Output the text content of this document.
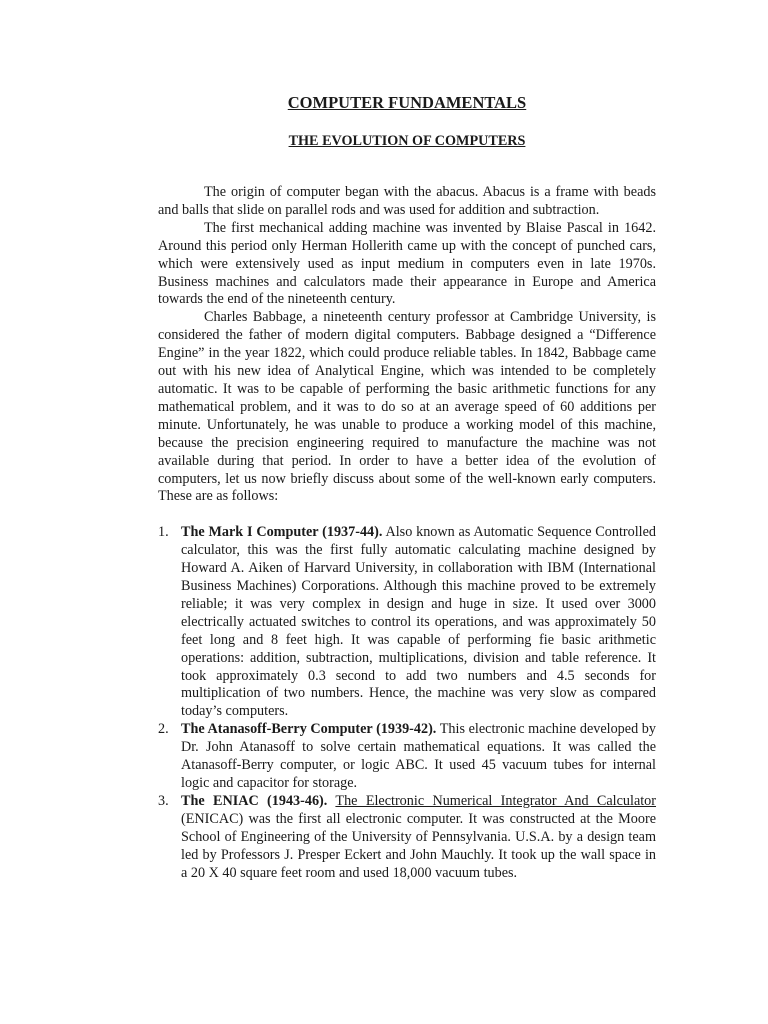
COMPUTER FUNDAMENTALS
THE EVOLUTION OF COMPUTERS

The origin of computer began with the abacus. Abacus is a frame with beads and balls that slide on parallel rods and was used for addition and subtraction.

The first mechanical adding machine was invented by Blaise Pascal in 1642. Around this period only Herman Hollerith came up with the concept of punched cars, which were extensively used as input medium in computers even in late 1970s. Business machines and calculators made their appearance in Europe and America towards the end of the nineteenth century.

Charles Babbage, a nineteenth century professor at Cambridge University, is considered the father of modern digital computers. Babbage designed a “Difference Engine” in the year 1822, which could produce reliable tables. In 1842, Babbage came out with his new idea of Analytical Engine, which was intended to be completely automatic. It was to be capable of performing the basic arithmetic functions for any mathematical problem, and it was to do so at an average speed of 60 additions per minute. Unfortunately, he was unable to produce a working model of this machine, because the precision engineering required to manufacture the machine was not available during that period. In order to have a better idea of the evolution of computers, let us now briefly discuss about some of the well-known early computers. These are as follows:

1. The Mark I Computer (1937-44). Also known as Automatic Sequence Controlled calculator, this was the first fully automatic calculating machine designed by Howard A. Aiken of Harvard University, in collaboration with IBM (International Business Machines) Corporations. Although this machine proved to be extremely reliable; it was very complex in design and huge in size. It used over 3000 electrically actuated switches to control its operations, and was approximately 50 feet long and 8 feet high. It was capable of performing fie basic arithmetic operations: addition, subtraction, multiplications, division and table reference. It took approximately 0.3 second to add two numbers and 4.5 seconds for multiplication of two numbers. Hence, the machine was very slow as compared today’s computers.
2. The Atanasoff-Berry Computer (1939-42). This electronic machine developed by Dr. John Atanasoff to solve certain mathematical equations. It was called the Atanasoff-Berry computer, or logic ABC. It used 45 vacuum tubes for internal logic and capacitor for storage.
3. The ENIAC (1943-46). The Electronic Numerical Integrator And Calculator (ENICAC) was the first all electronic computer. It was constructed at the Moore School of Engineering of the University of Pennsylvania. U.S.A. by a design team led by Professors J. Presper Eckert and John Mauchly. It took up the wall space in a 20 X 40 square feet room and used 18,000 vacuum tubes.
